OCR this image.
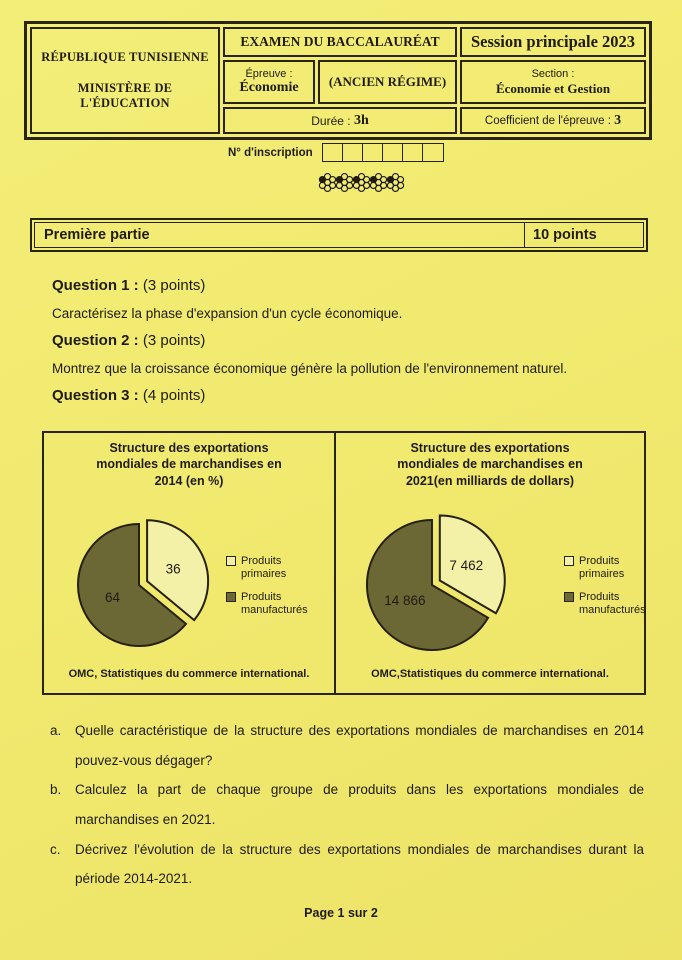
RÉPUBLIQUE TUNISIENNE
MINISTÈRE DE L'ÉDUCATION
EXAMEN DU BACCALAURÉAT
Épreuve :
Économie	(ANCIEN RÉGIME)
Durée :
3h
Session principale 2023
Section :
Économie et Gestion
Coefficient de l'épreuve :
3
N° d'inscription
Première partie	10 points
Question 1 : (3 points)
Caractérisez la phase d'expansion d'un cycle économique.
Question 2 : (3 points)
Montrez que la croissance économique génère la pollution de l'environnement naturel.
Question 3 : (4 points)
36
64
Structure des exportations
mondiales de marchandises en
2014 (en %)
Produits primaires
Produits manufacturés
OMC, Statistiques du commerce international.
7 462
14 866
Structure des exportations
mondiales de marchandises en
2021(en milliards de dollars)
Produits primaires
Produits manufacturés
OMC,Statistiques du commerce international.
a.	Quelle caractéristique de la structure des exportations mondiales de marchandises en 2014 pouvez-vous dégager?
b.	Calculez la part de chaque groupe de produits dans les exportations mondiales de marchandises en 2021.
c.	Décrivez l'évolution de la structure des exportations mondiales de marchandises durant la période 2014-2021.
Page 1 sur 2
